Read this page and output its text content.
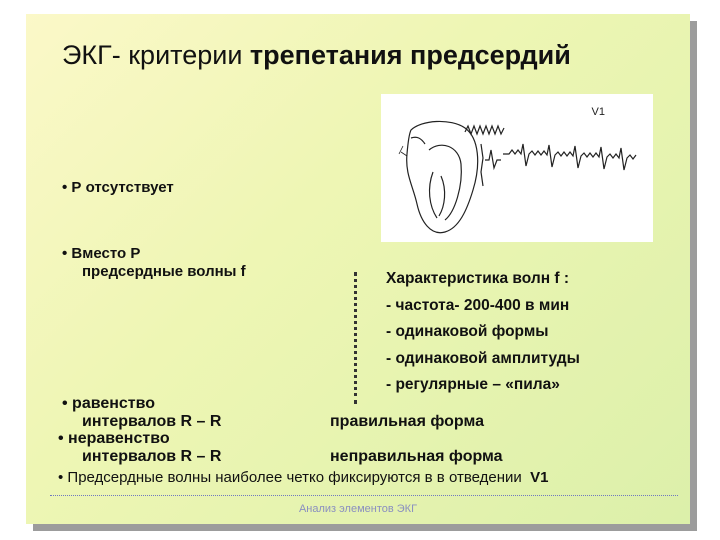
ЭКГ- критерии трепетания предсердий
V1
• Р отсутствует
• Вместо Р
предсердные волны f	Характеристика волн f :
- частота- 200-400 в мин
- одинаковой формы
- одинаковой амплитуды
- регулярные – «пила»
• равенство
интервалов R – R	правильная форма
• неравенство
интервалов R – R	неправильная форма
• Предсердные волны наиболее четко фиксируются в в отведении V1
Анализ элементов ЭКГ
